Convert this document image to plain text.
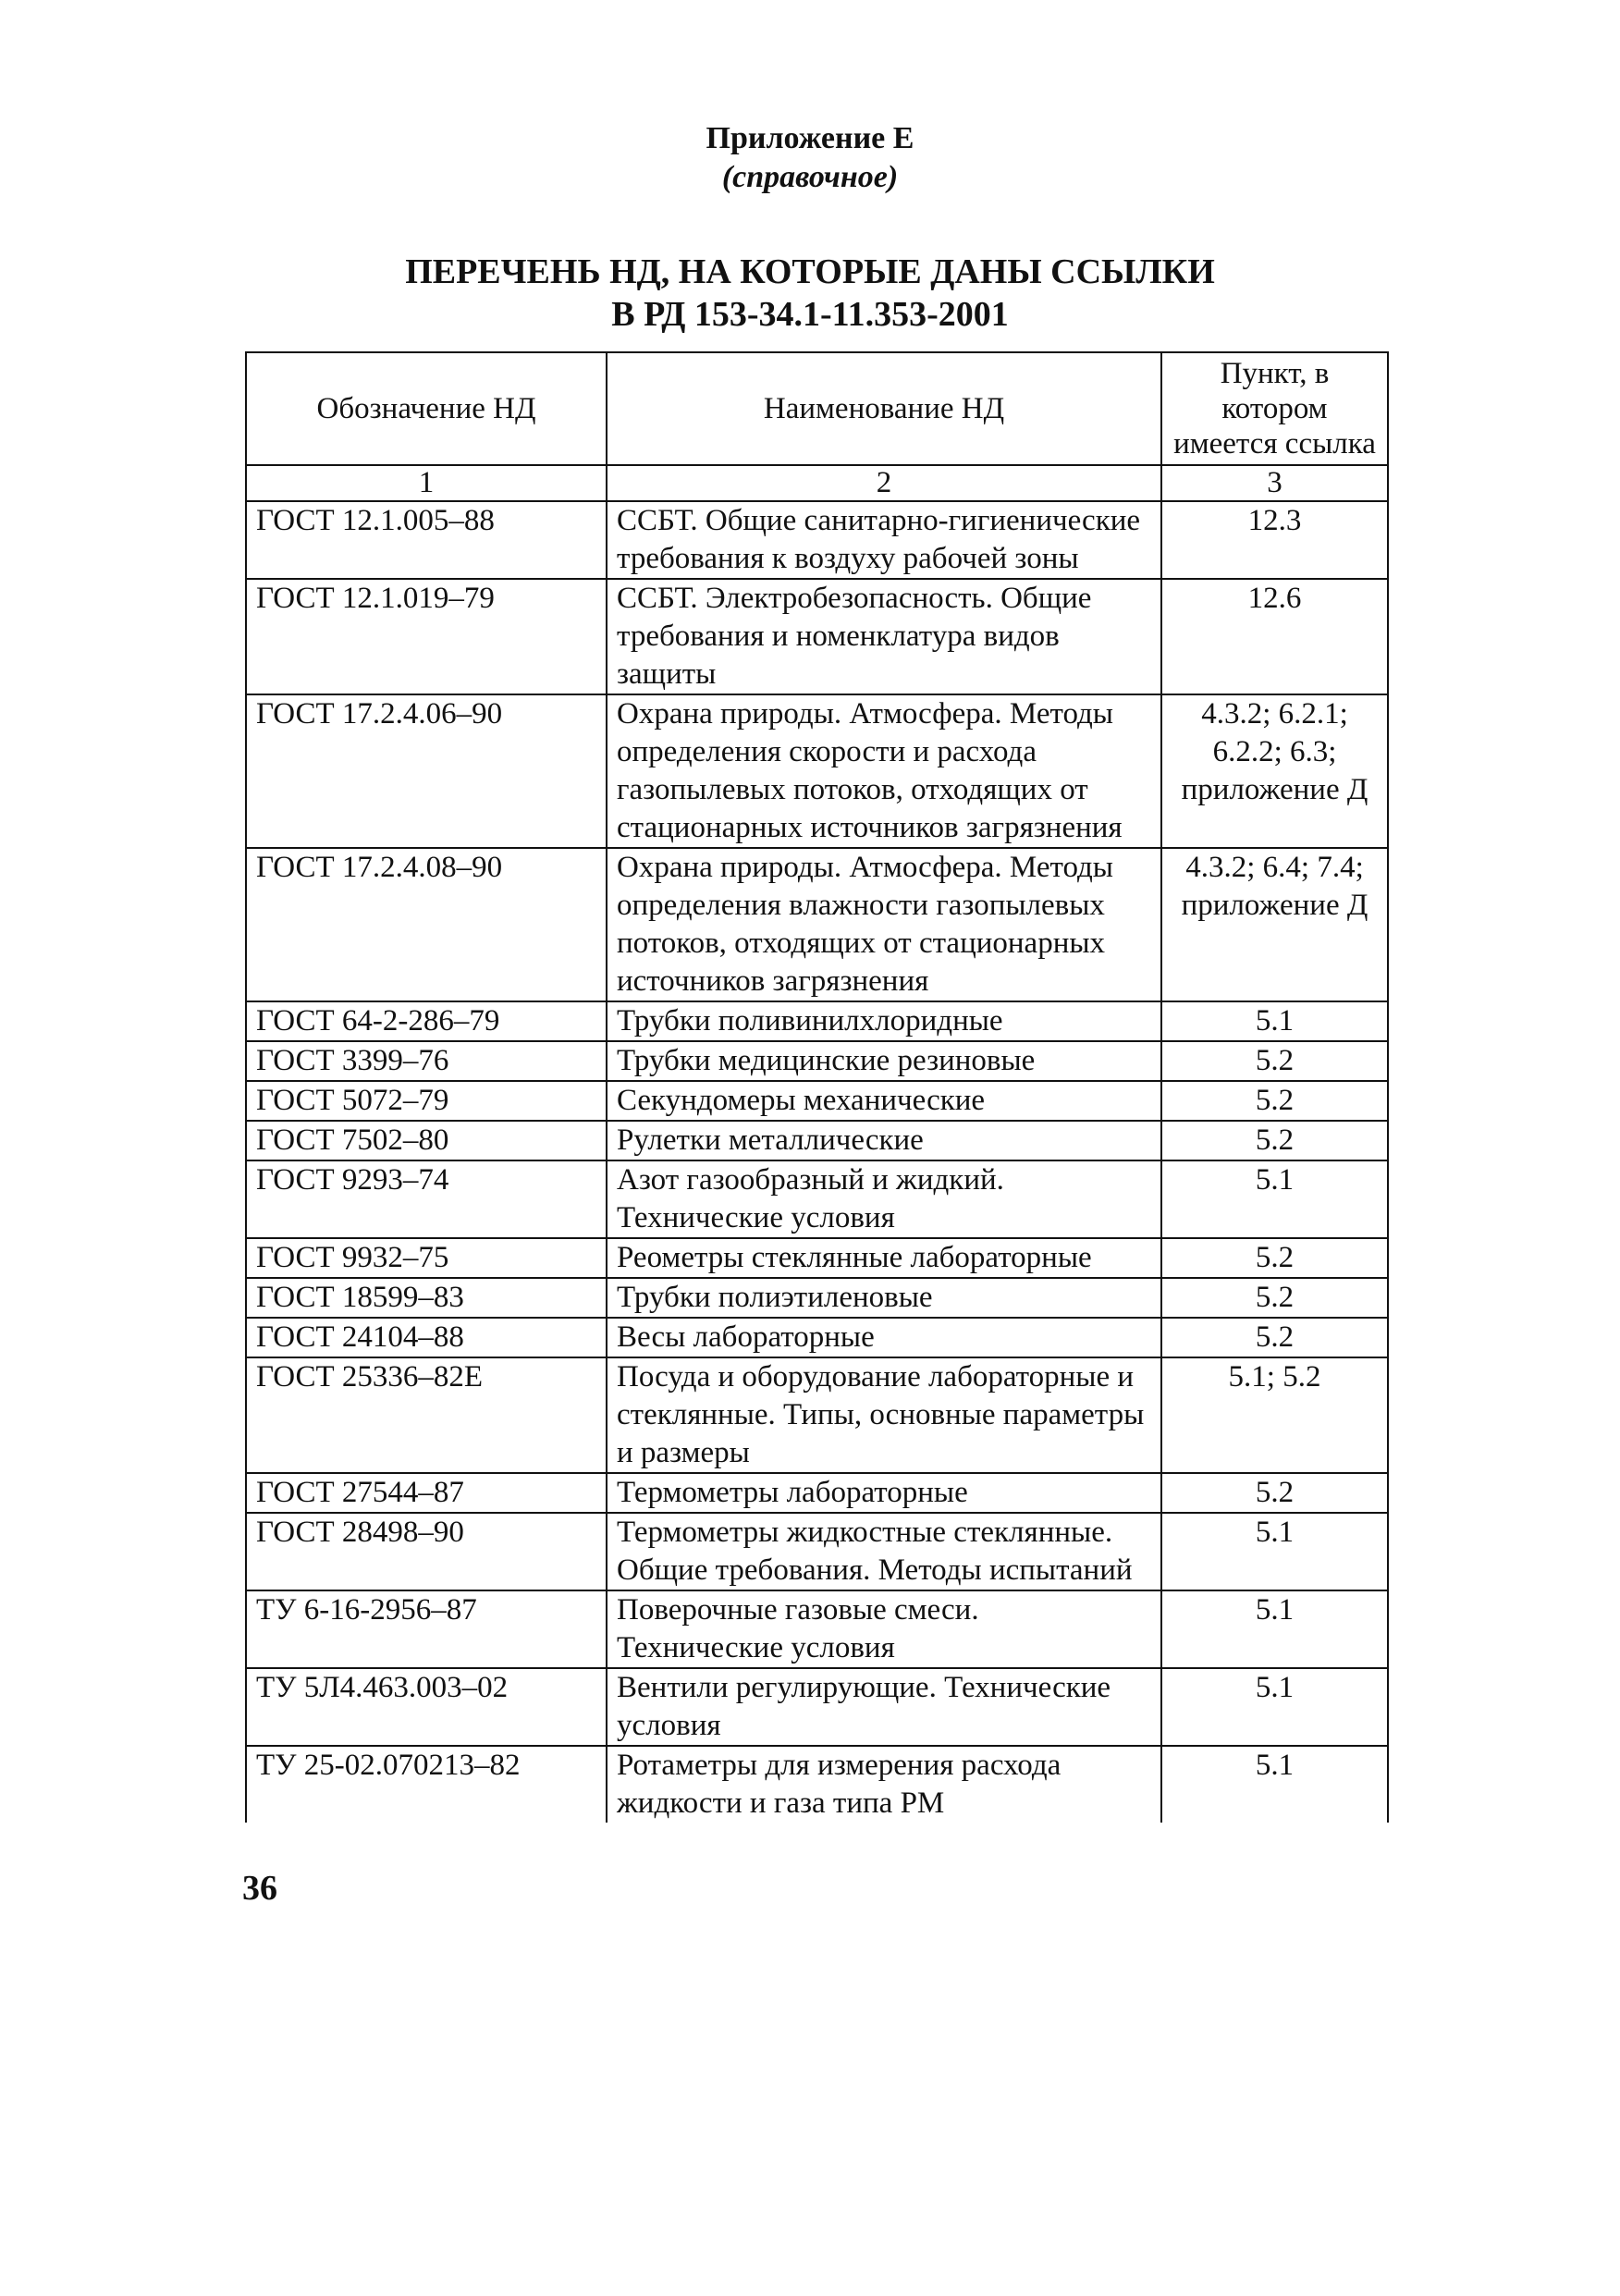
Приложение Е
(справочное)
ПЕРЕЧЕНЬ НД, НА КОТОРЫЕ ДАНЫ ССЫЛКИ
В РД 153-34.1-11.353-2001
Обозначение НД	Наименование НД	Пункт, в котором имеется ссылка
1	2	3
ГОСТ 12.1.005–88	ССБТ. Общие санитарно-гигиенические требования к воздуху рабочей зоны	12.3
ГОСТ 12.1.019–79	ССБТ. Электробезопасность. Общие требования и номенклатура видов защиты	12.6
ГОСТ 17.2.4.06–90	Охрана природы. Атмосфера. Методы определения скорости и расхода газопылевых потоков, отходящих от стационарных источников загрязнения	4.3.2; 6.2.1; 6.2.2; 6.3; приложение Д
ГОСТ 17.2.4.08–90	Охрана природы. Атмосфера. Методы определения влажности газопылевых потоков, отходящих от стационарных источников загрязнения	4.3.2; 6.4; 7.4; приложение Д
ГОСТ 64-2-286–79	Трубки поливинилхлоридные	5.1
ГОСТ 3399–76	Трубки медицинские резиновые	5.2
ГОСТ 5072–79	Секундомеры механические	5.2
ГОСТ 7502–80	Рулетки металлические	5.2
ГОСТ 9293–74	Азот газообразный и жидкий. Технические условия	5.1
ГОСТ 9932–75	Реометры стеклянные лабораторные	5.2
ГОСТ 18599–83	Трубки полиэтиленовые	5.2
ГОСТ 24104–88	Весы лабораторные	5.2
ГОСТ 25336–82Е	Посуда и оборудование лабораторные и стеклянные. Типы, основные параметры и размеры	5.1; 5.2
ГОСТ 27544–87	Термометры лабораторные	5.2
ГОСТ 28498–90	Термометры жидкостные стеклянные. Общие требования. Методы испытаний	5.1
ТУ 6-16-2956–87	Поверочные газовые смеси. Технические условия	5.1
ТУ 5Л4.463.003–02	Вентили регулирующие. Технические условия	5.1
ТУ 25-02.070213–82	Ротаметры для измерения расхода жидкости и газа типа РМ	5.1
36
